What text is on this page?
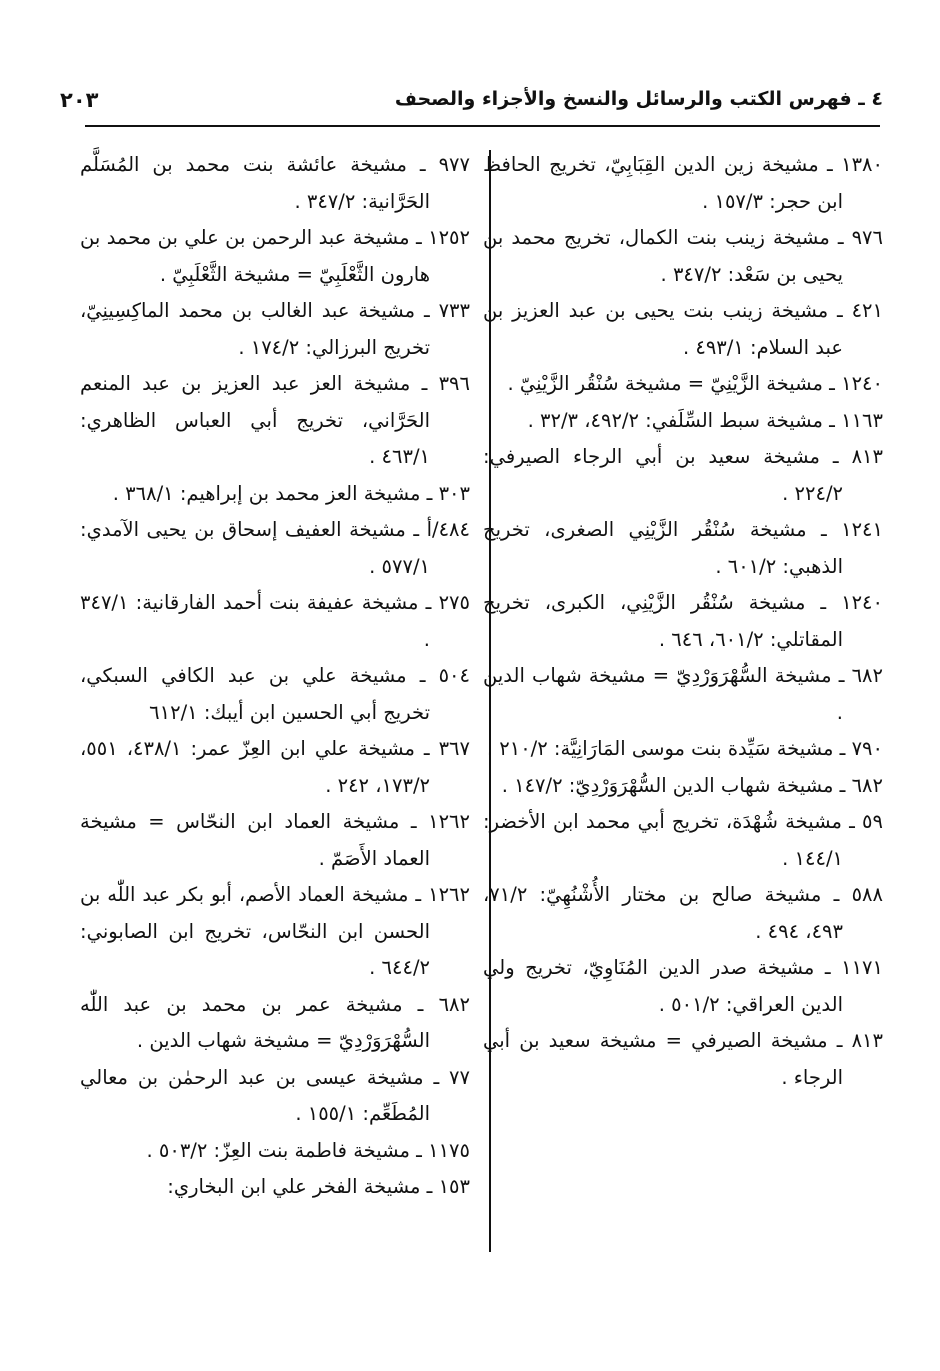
٢٠٣	٤ ـ فهرس الكتب والرسائل والنسخ والأجزاء والصحف

١٣٨٠ ـ مشيخة زين الدين القِبَابِيّ، تخريج الحافظ ابن حجر: ١٥٧/٣ .

٩٧٦ ـ مشيخة زينب بنت الكمال، تخريج محمد بن يحيى بن سَعْد: ٣٤٧/٢ .

٤٢١ ـ مشيخة زينب بنت يحيى بن عبد العزيز بن عبد السلام: ٤٩٣/١ .

١٢٤٠ ـ مشيخة الزَّيْنِيّ = مشيخة سُنْقُر الزَّيْنِيّ .

١١٦٣ ـ مشيخة سبط السِّلَفي: ٤٩٢/٢، ٣٢/٣ .

٨١٣ ـ مشيخة سعيد بن أبي الرجاء الصيرفي: ٢٢٤/٢ .

١٢٤١ ـ مشيخة سُنْقُر الزَّيْنِي الصغرى، تخريج الذهبي: ٦٠١/٢ .

١٢٤٠ ـ مشيخة سُنْقُر الزَّيْنِي، الكبرى، تخريج المقاتلي: ٦٠١/٢، ٦٤٦ .

٦٨٢ ـ مشيخة السُّهْرَوَرْدِيّ = مشيخة شهاب الدين .

٧٩٠ ـ مشيخة سَيِّدة بنت موسى المَارَانِيَّة: ٢١٠/٢ .

٦٨٢ ـ مشيخة شهاب الدين السُّهْرَوَرْدِيّ: ١٤٧/٢ .

٥٩ ـ مشيخة شُهْدَة، تخريج أبي محمد ابن الأخضر: ١٤٤/١ .

٥٨٨ ـ مشيخة صالح بن مختار الأُشْنُهِيّ: ٧١/٢، ٤٩٣، ٤٩٤ .

١١٧١ ـ مشيخة صدر الدين المُنَاوِيّ، تخريج ولي الدين العراقي: ٥٠١/٢ .

٨١٣ ـ مشيخة الصيرفي = مشيخة سعيد بن أبي الرجاء .

٩٧٧ ـ مشيخة عائشة بنت محمد بن المُسَلَّم الحَرَّانية: ٣٤٧/٢ .

١٢٥٢ ـ مشيخة عبد الرحمن بن علي بن محمد بن هارون الثَّعْلَبِيّ = مشيخة الثَّعْلَبِيّ .

٧٣٣ ـ مشيخة عبد الغالب بن محمد الماكِسِينِيّ، تخريج البرزالي: ١٧٤/٢ .

٣٩٦ ـ مشيخة العز عبد العزيز بن عبد المنعم الحَرَّاني، تخريج أبي العباس الظاهري: ٤٦٣/١ .

٣٠٣ ـ مشيخة العز محمد بن إبراهيم: ٣٦٨/١ .

٤٨٤/أ ـ مشيخة العفيف إسحاق بن يحيى الآمدي: ٥٧٧/١ .

٢٧٥ ـ مشيخة عفيفة بنت أحمد الفارقانية: ٣٤٧/١ .

٥٠٤ ـ مشيخة علي بن عبد الكافي السبكي، تخريج أبي الحسين ابن أيبك: ٦١٢/١

٣٦٧ ـ مشيخة علي ابن العِزّ عمر: ٤٣٨/١، ٥٥١، ١٧٣/٢، ٢٤٢ .

١٢٦٢ ـ مشيخة العماد ابن النحّاس = مشيخة العماد الأَصَمّ .

١٢٦٢ ـ مشيخة العماد الأصم، أبو بكر عبد اللّٰه بن الحسن ابن النحّاس، تخريج ابن الصابوني: ٦٤٤/٢ .

٦٨٢ ـ مشيخة عمر بن محمد بن عبد اللّٰه السُّهْرَوَرْدِيّ = مشيخة شهاب الدين .

٧٧ ـ مشيخة عيسى بن عبد الرحمٰن بن معالي المُطَعِّم: ١٥٥/١ .

١١٧٥ ـ مشيخة فاطمة بنت العِزّ: ٥٠٣/٢ .

١٥٣ ـ مشيخة الفخر علي ابن البخاري:
